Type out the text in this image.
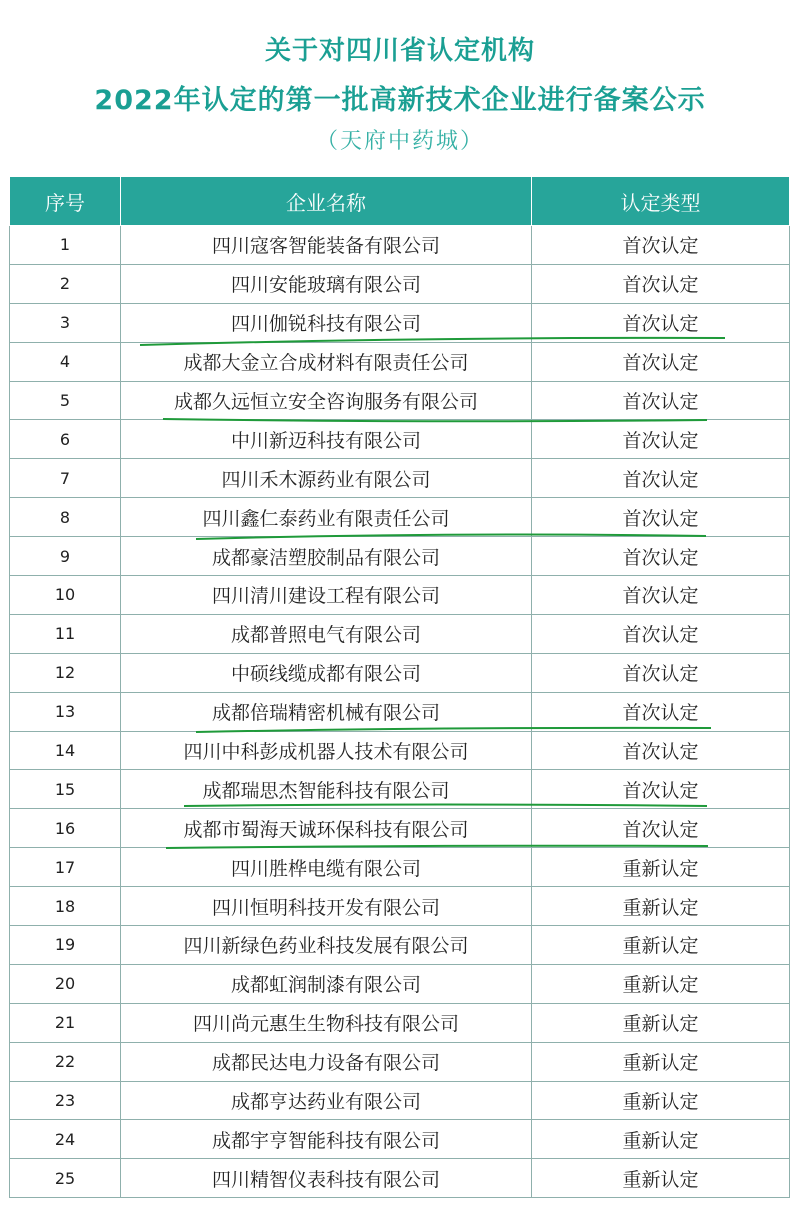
关于对四川省认定机构
2022年认定的第一批高新技术企业进行备案公示
（天府中药城）
序号	企业名称	认定类型
1	四川寇客智能装备有限公司	首次认定
2	四川安能玻璃有限公司	首次认定
3	四川伽锐科技有限公司	首次认定
4	成都大金立合成材料有限责任公司	首次认定
5	成都久远恒立安全咨询服务有限公司	首次认定
6	中川新迈科技有限公司	首次认定
7	四川禾木源药业有限公司	首次认定
8	四川鑫仁泰药业有限责任公司	首次认定
9	成都豪洁塑胶制品有限公司	首次认定
10	四川清川建设工程有限公司	首次认定
11	成都普照电气有限公司	首次认定
12	中硕线缆成都有限公司	首次认定
13	成都倍瑞精密机械有限公司	首次认定
14	四川中科彭成机器人技术有限公司	首次认定
15	成都瑞思杰智能科技有限公司	首次认定
16	成都市蜀海天诚环保科技有限公司	首次认定
17	四川胜桦电缆有限公司	重新认定
18	四川恒明科技开发有限公司	重新认定
19	四川新绿色药业科技发展有限公司	重新认定
20	成都虹润制漆有限公司	重新认定
21	四川尚元惠生生物科技有限公司	重新认定
22	成都民达电力设备有限公司	重新认定
23	成都亨达药业有限公司	重新认定
24	成都宇亨智能科技有限公司	重新认定
25	四川精智仪表科技有限公司	重新认定
